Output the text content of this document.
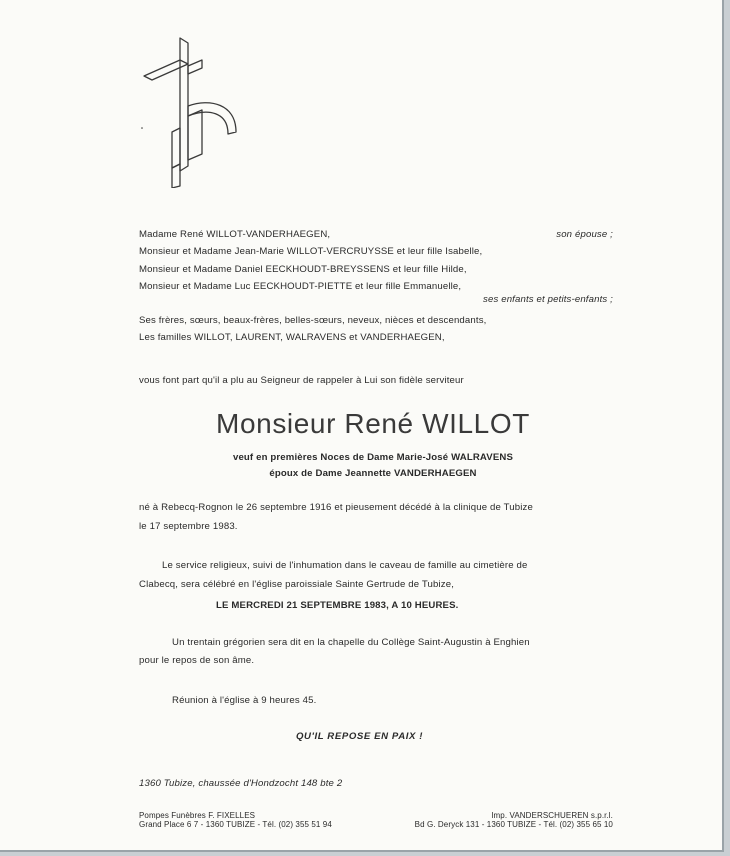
Madame René WILLOT-VANDERHAEGEN,	son épouse ;
Monsieur et Madame Jean-Marie WILLOT-VERCRUYSSE et leur fille Isabelle,
Monsieur et Madame Daniel EECKHOUDT-BREYSSENS et leur fille Hilde,
Monsieur et Madame Luc EECKHOUDT-PIETTE et leur fille Emmanuelle,
ses enfants et petits-enfants ;
Ses frères, sœurs, beaux-frères, belles-sœurs, neveux, nièces et descendants,
Les familles WILLOT, LAURENT, WALRAVENS et VANDERHAEGEN,
vous font part qu'il a plu au Seigneur de rappeler à Lui son fidèle serviteur
Monsieur René WILLOT
veuf en premières Noces de Dame Marie-José WALRAVENS
époux de Dame Jeannette VANDERHAEGEN
né à Rebecq-Rognon le 26 septembre 1916 et pieusement décédé à la clinique de Tubize
le 17 septembre 1983.
Le service religieux, suivi de l'inhumation dans le caveau de famille au cimetière de
Clabecq, sera célébré en l'église paroissiale Sainte Gertrude de Tubize,
LE MERCREDI 21 SEPTEMBRE 1983, A 10 HEURES.
Un trentain grégorien sera dit en la chapelle du Collège Saint-Augustin à Enghien
pour le repos de son âme.
Réunion à l'église à 9 heures 45.
QU'IL REPOSE EN PAIX !
1360 Tubize, chaussée d'Hondzocht 148 bte 2
Pompes Funèbres F. FIXELLES
Grand Place 6 7 - 1360 TUBIZE - Tél. (02) 355 51 94
Imp. VANDERSCHUEREN s.p.r.l.
Bd G. Deryck 131 - 1360 TUBIZE - Tél. (02) 355 65 10
